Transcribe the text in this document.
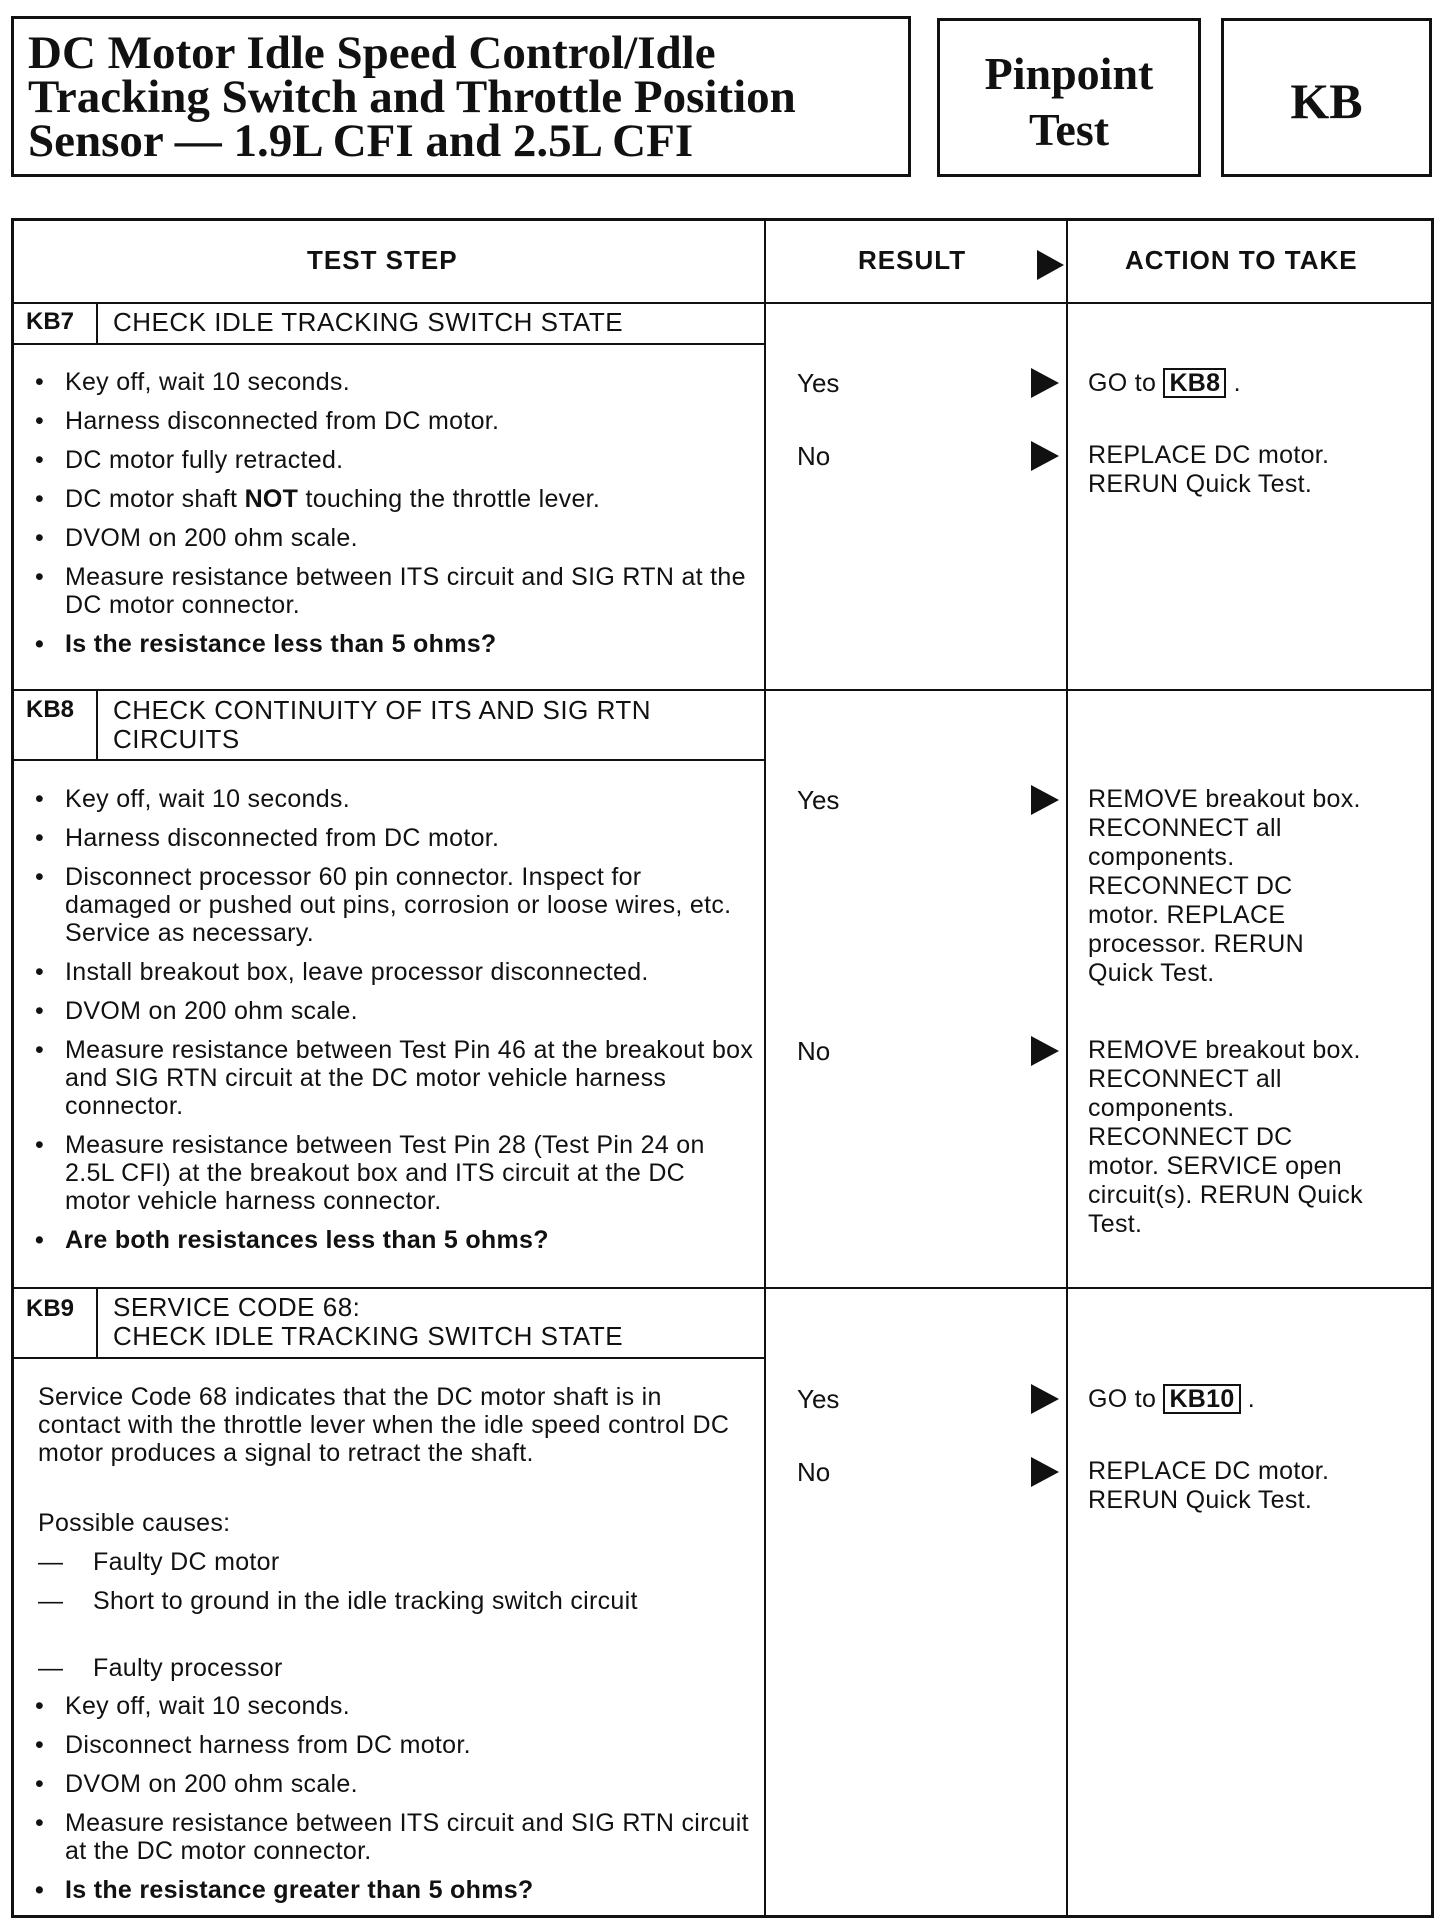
DC Motor Idle Speed Control/Idle
Tracking Switch and Throttle Position
Sensor — 1.9L CFI and 2.5L CFI
Pinpoint
Test
KB
TEST STEP	RESULT	ACTION TO TAKE
KB7 CHECK IDLE TRACKING SWITCH STATE
• Key off, wait 10 seconds.
• Harness disconnected from DC motor.
• DC motor fully retracted.
• DC motor shaft NOT touching the throttle lever.
• DVOM on 200 ohm scale.
• Measure resistance between ITS circuit and SIG RTN at the DC motor connector.
• Is the resistance less than 5 ohms?
Yes	GO to KB8 .
No	REPLACE DC motor.
RERUN Quick Test.
KB8 CHECK CONTINUITY OF ITS AND SIG RTN
CIRCUITS
• Key off, wait 10 seconds.
• Harness disconnected from DC motor.
• Disconnect processor 60 pin connector. Inspect for damaged or pushed out pins, corrosion or loose wires, etc. Service as necessary.
• Install breakout box, leave processor disconnected.
• DVOM on 200 ohm scale.
• Measure resistance between Test Pin 46 at the breakout box and SIG RTN circuit at the DC motor vehicle harness connector.
• Measure resistance between Test Pin 28 (Test Pin 24 on 2.5L CFI) at the breakout box and ITS circuit at the DC motor vehicle harness connector.
• Are both resistances less than 5 ohms?
Yes	REMOVE breakout box.
RECONNECT all
components.
RECONNECT DC
motor. REPLACE
processor. RERUN
Quick Test.
No	REMOVE breakout box.
RECONNECT all
components.
RECONNECT DC
motor. SERVICE open
circuit(s). RERUN Quick
Test.
KB9 SERVICE CODE 68:
CHECK IDLE TRACKING SWITCH STATE
Service Code 68 indicates that the DC motor shaft is in contact with the throttle lever when the idle speed control DC motor produces a signal to retract the shaft.
Possible causes:
— Faulty DC motor
— Short to ground in the idle tracking switch circuit
— Faulty processor
• Key off, wait 10 seconds.
• Disconnect harness from DC motor.
• DVOM on 200 ohm scale.
• Measure resistance between ITS circuit and SIG RTN circuit at the DC motor connector.
• Is the resistance greater than 5 ohms?
Yes	GO to KB10 .
No	REPLACE DC motor.
RERUN Quick Test.
